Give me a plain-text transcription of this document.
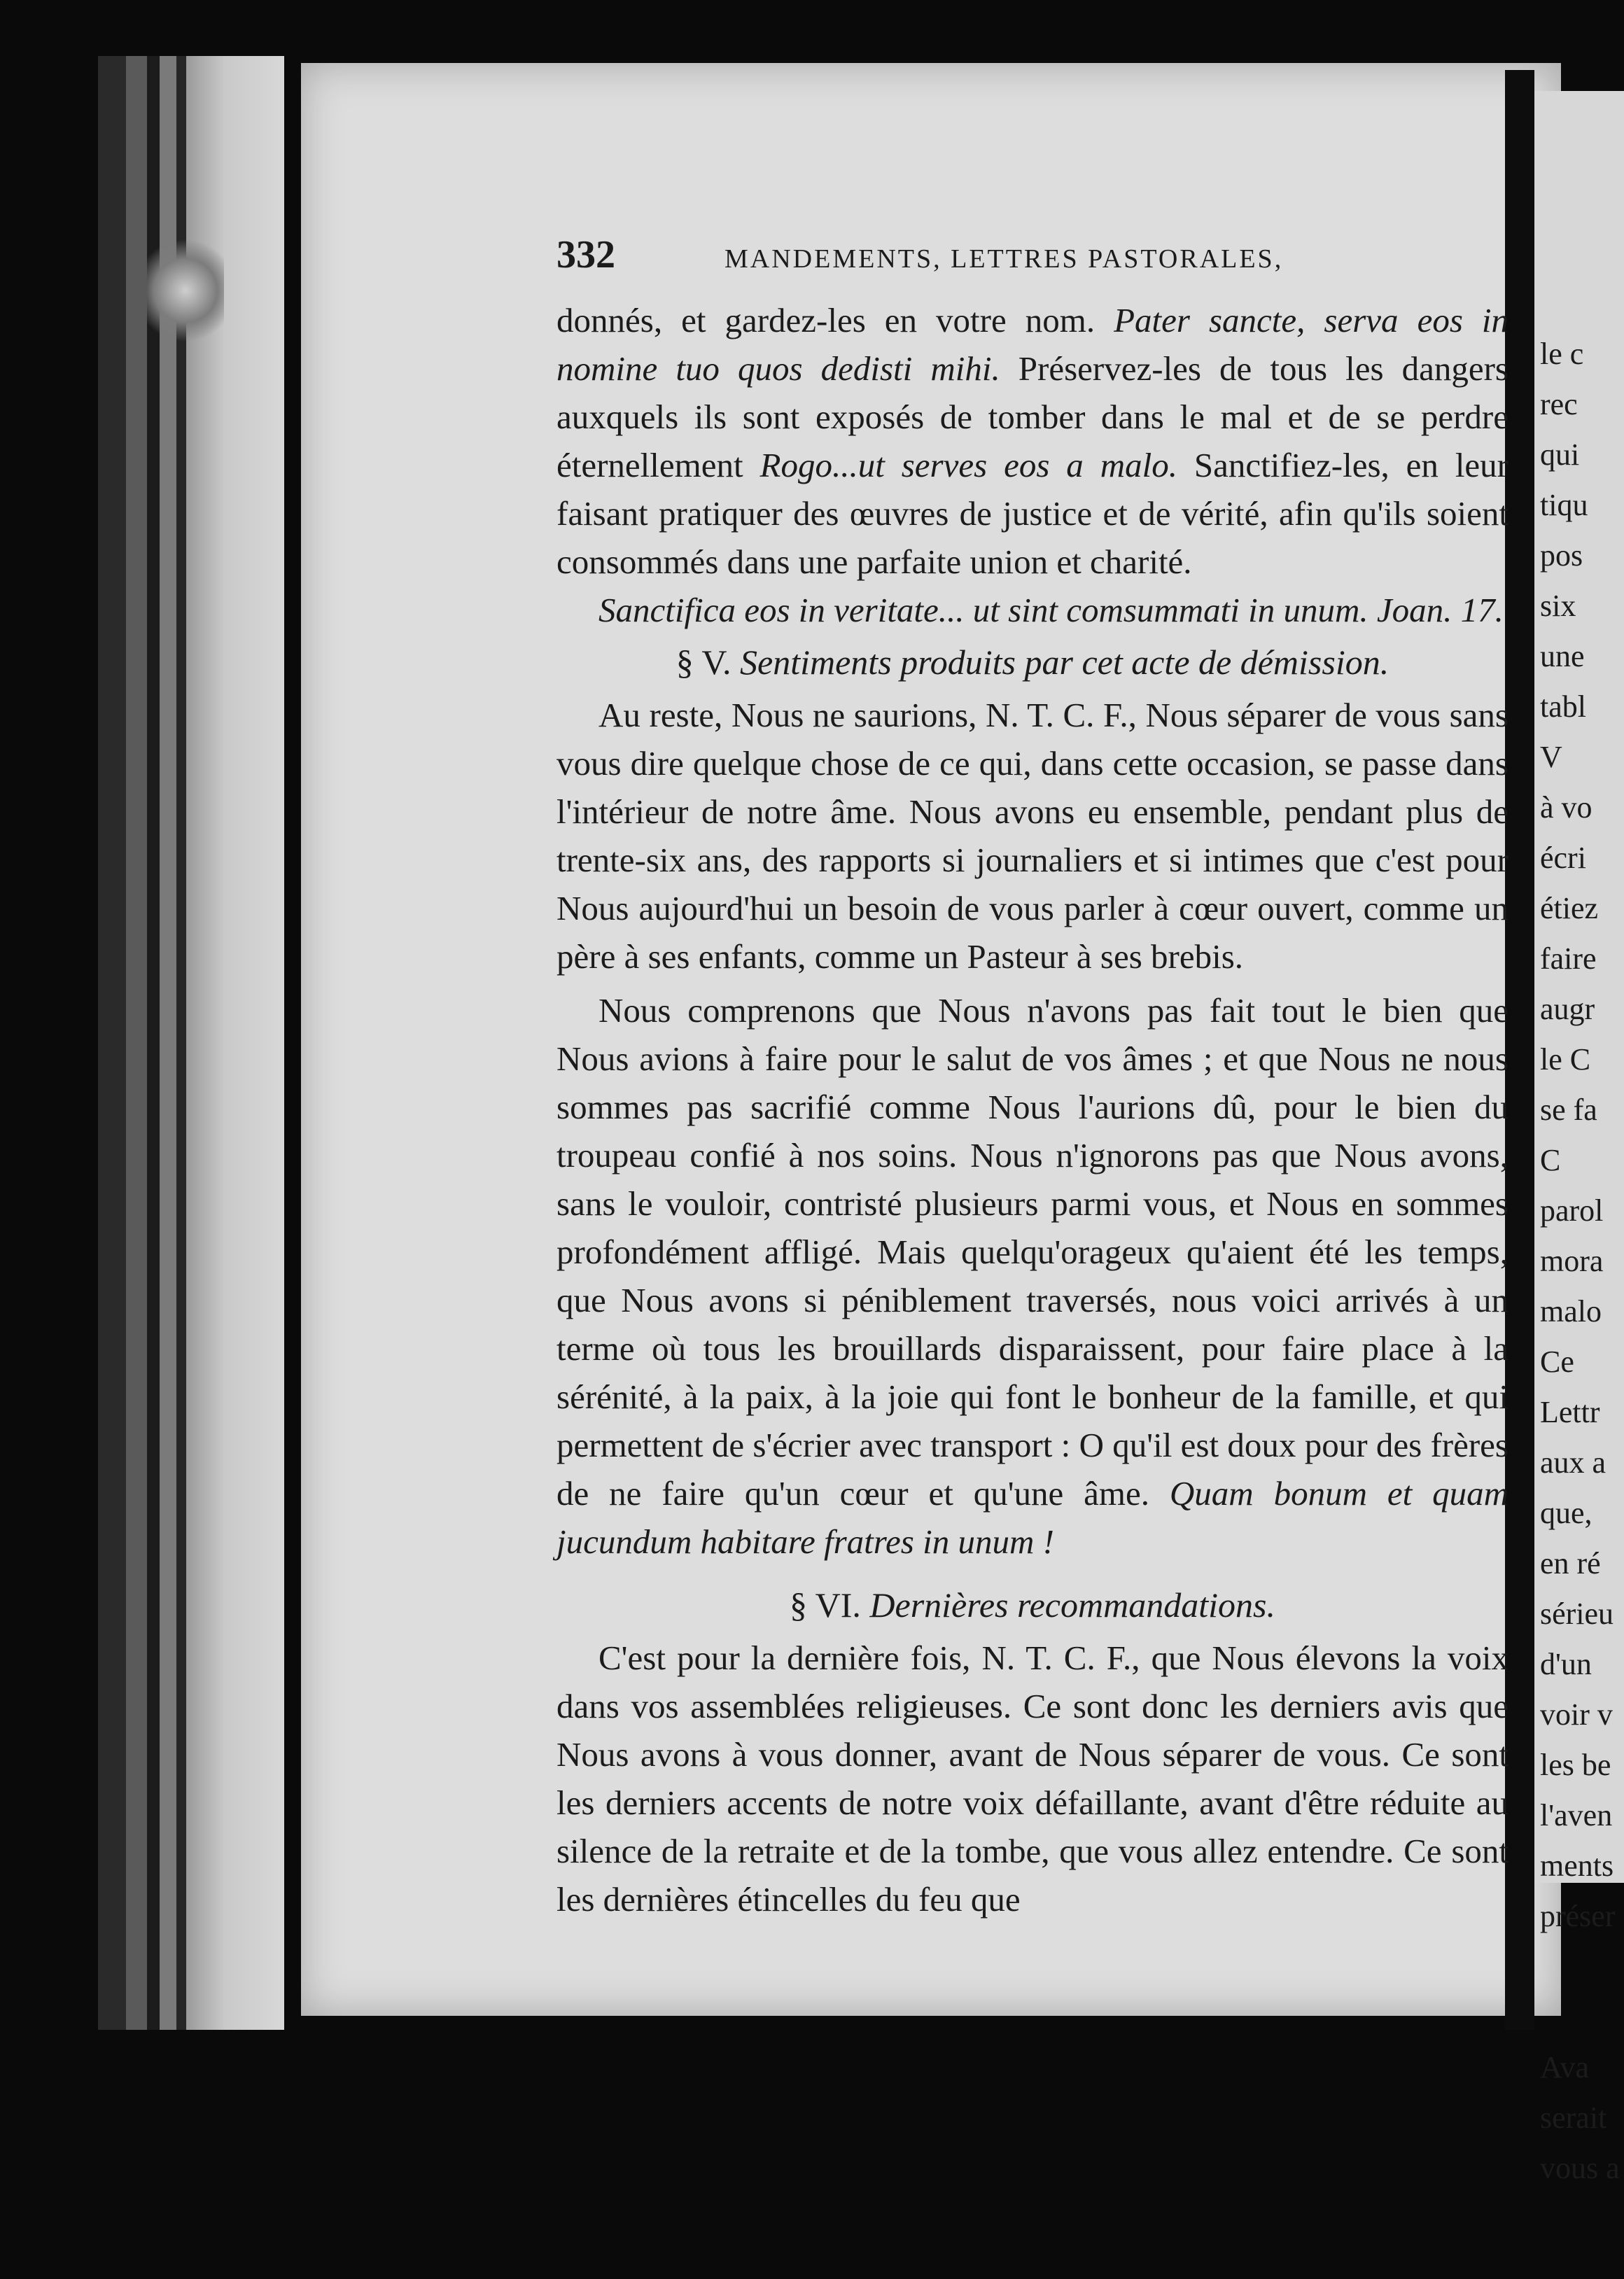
332	MANDEMENTS, LETTRES PASTORALES,

donnés, et gardez-les en votre nom. Pater sancte, serva eos in nomine tuo quos dedisti mihi. Préservez-les de tous les dangers auxquels ils sont exposés de tomber dans le mal et de se perdre éternellement Rogo...ut serves eos a malo. Sanctifiez-les, en leur faisant pratiquer des œuvres de justice et de vérité, afin qu'ils soient consommés dans une parfaite union et charité.

Sanctifica eos in veritate... ut sint comsummati in unum. Joan. 17.

§ V. Sentiments produits par cet acte de démission.

Au reste, Nous ne saurions, N. T. C. F., Nous séparer de vous sans vous dire quelque chose de ce qui, dans cette occasion, se passe dans l'intérieur de notre âme. Nous avons eu ensemble, pendant plus de trente-six ans, des rapports si journaliers et si intimes que c'est pour Nous aujourd'hui un besoin de vous parler à cœur ouvert, comme un père à ses enfants, comme un Pasteur à ses brebis.

Nous comprenons que Nous n'avons pas fait tout le bien que Nous avions à faire pour le salut de vos âmes ; et que Nous ne nous sommes pas sacrifié comme Nous l'aurions dû, pour le bien du troupeau confié à nos soins. Nous n'ignorons pas que Nous avons, sans le vouloir, contristé plusieurs parmi vous, et Nous en sommes profondément affligé. Mais quelqu'orageux qu'aient été les temps, que Nous avons si péniblement traversés, nous voici arrivés à un terme où tous les brouillards disparaissent, pour faire place à la sérénité, à la paix, à la joie qui font le bonheur de la famille, et qui permettent de s'écrier avec transport : O qu'il est doux pour des frères de ne faire qu'un cœur et qu'une âme. Quam bonum et quam jucundum habitare fratres in unum !

§ VI. Dernières recommandations.

C'est pour la dernière fois, N. T. C. F., que Nous élevons la voix dans vos assemblées religieuses. Ce sont donc les derniers avis que Nous avons à vous donner, avant de Nous séparer de vous. Ce sont les derniers accents de notre voix défaillante, avant d'être réduite au silence de la retraite et de la tombe, que vous allez entendre. Ce sont les dernières étincelles du feu que

le c
rec
qui
tiqu
pos
six
une
tabl
V
à vo
écri
étiez
faire
augr
le C
se fa
C
parol
mora
malo
Ce
Lettr
aux a
que,
en ré
sérieu
d'un
voir v
les be
l'aven
ments
préser
Ava
serait
vous a
